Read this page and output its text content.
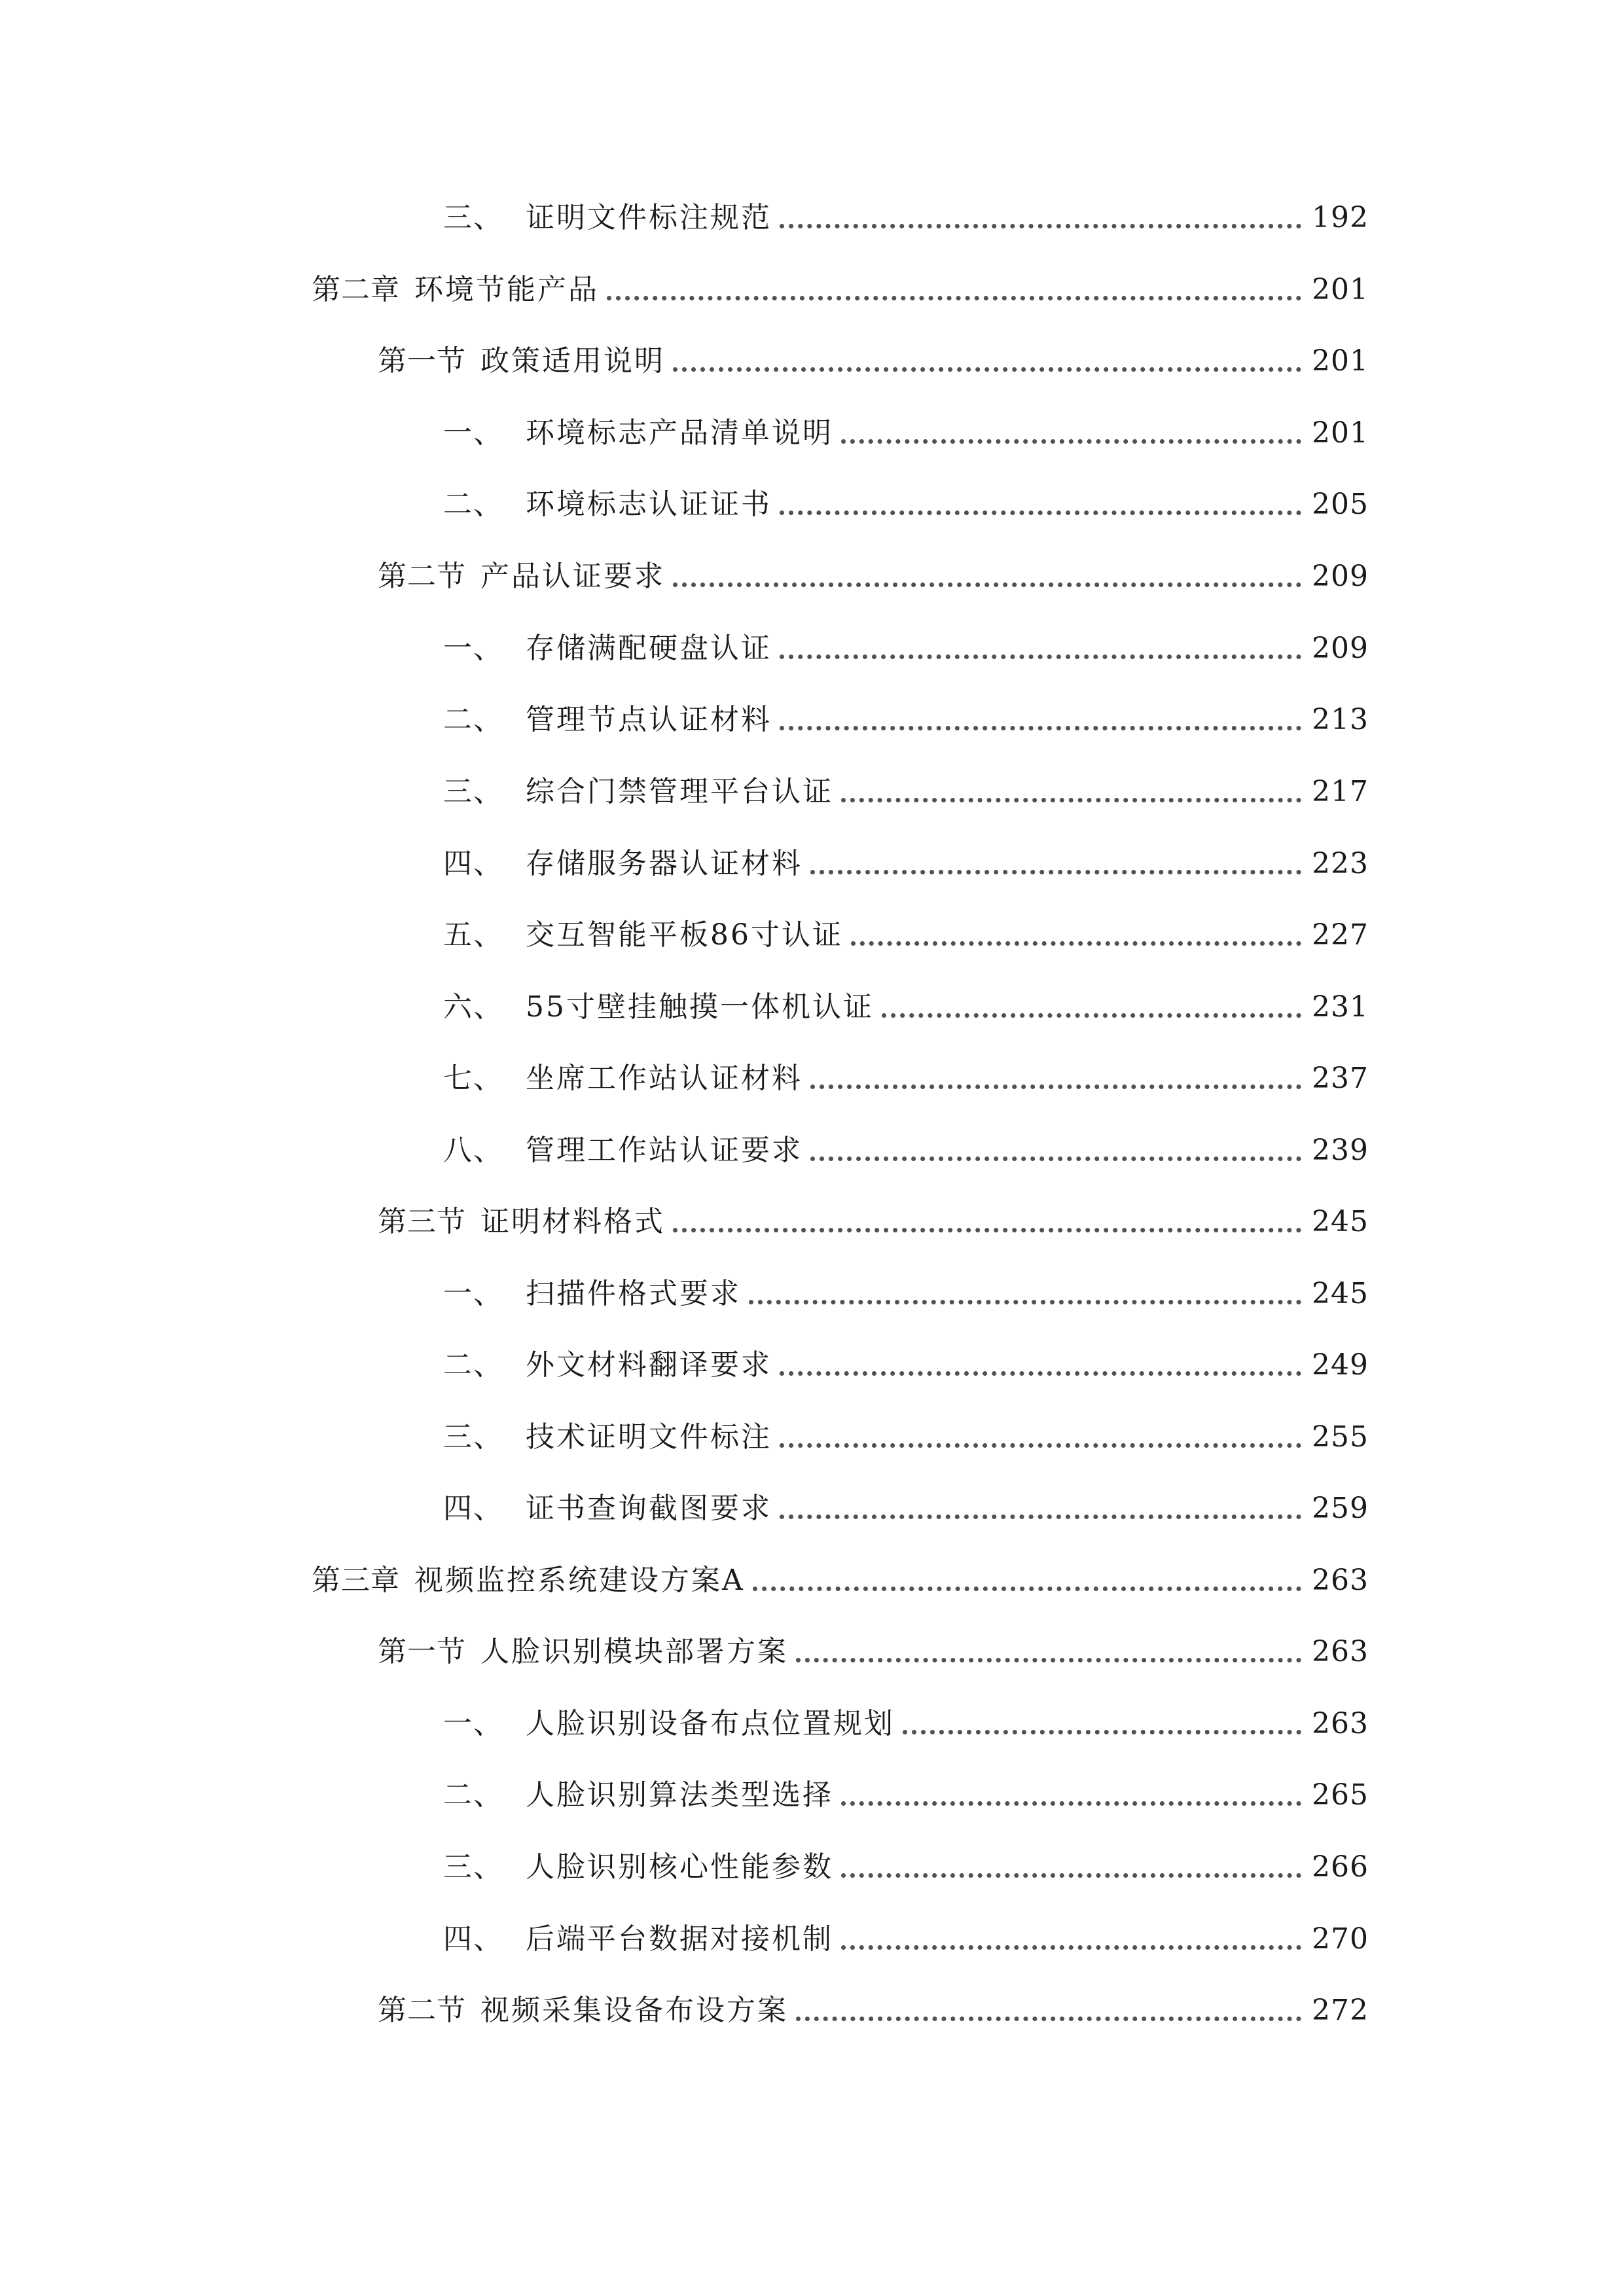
三、 证明文件标注规范	192
第二章 环境节能产品	201
第一节 政策适用说明	201
一、 环境标志产品清单说明	201
二、 环境标志认证证书	205
第二节 产品认证要求	209
一、 存储满配硬盘认证	209
二、 管理节点认证材料	213
三、 综合门禁管理平台认证	217
四、 存储服务器认证材料	223
五、 交互智能平板86寸认证	227
六、 55寸壁挂触摸一体机认证	231
七、 坐席工作站认证材料	237
八、 管理工作站认证要求	239
第三节 证明材料格式	245
一、 扫描件格式要求	245
二、 外文材料翻译要求	249
三、 技术证明文件标注	255
四、 证书查询截图要求	259
第三章 视频监控系统建设方案A	263
第一节 人脸识别模块部署方案	263
一、 人脸识别设备布点位置规划	263
二、 人脸识别算法类型选择	265
三、 人脸识别核心性能参数	266
四、 后端平台数据对接机制	270
第二节 视频采集设备布设方案	272
